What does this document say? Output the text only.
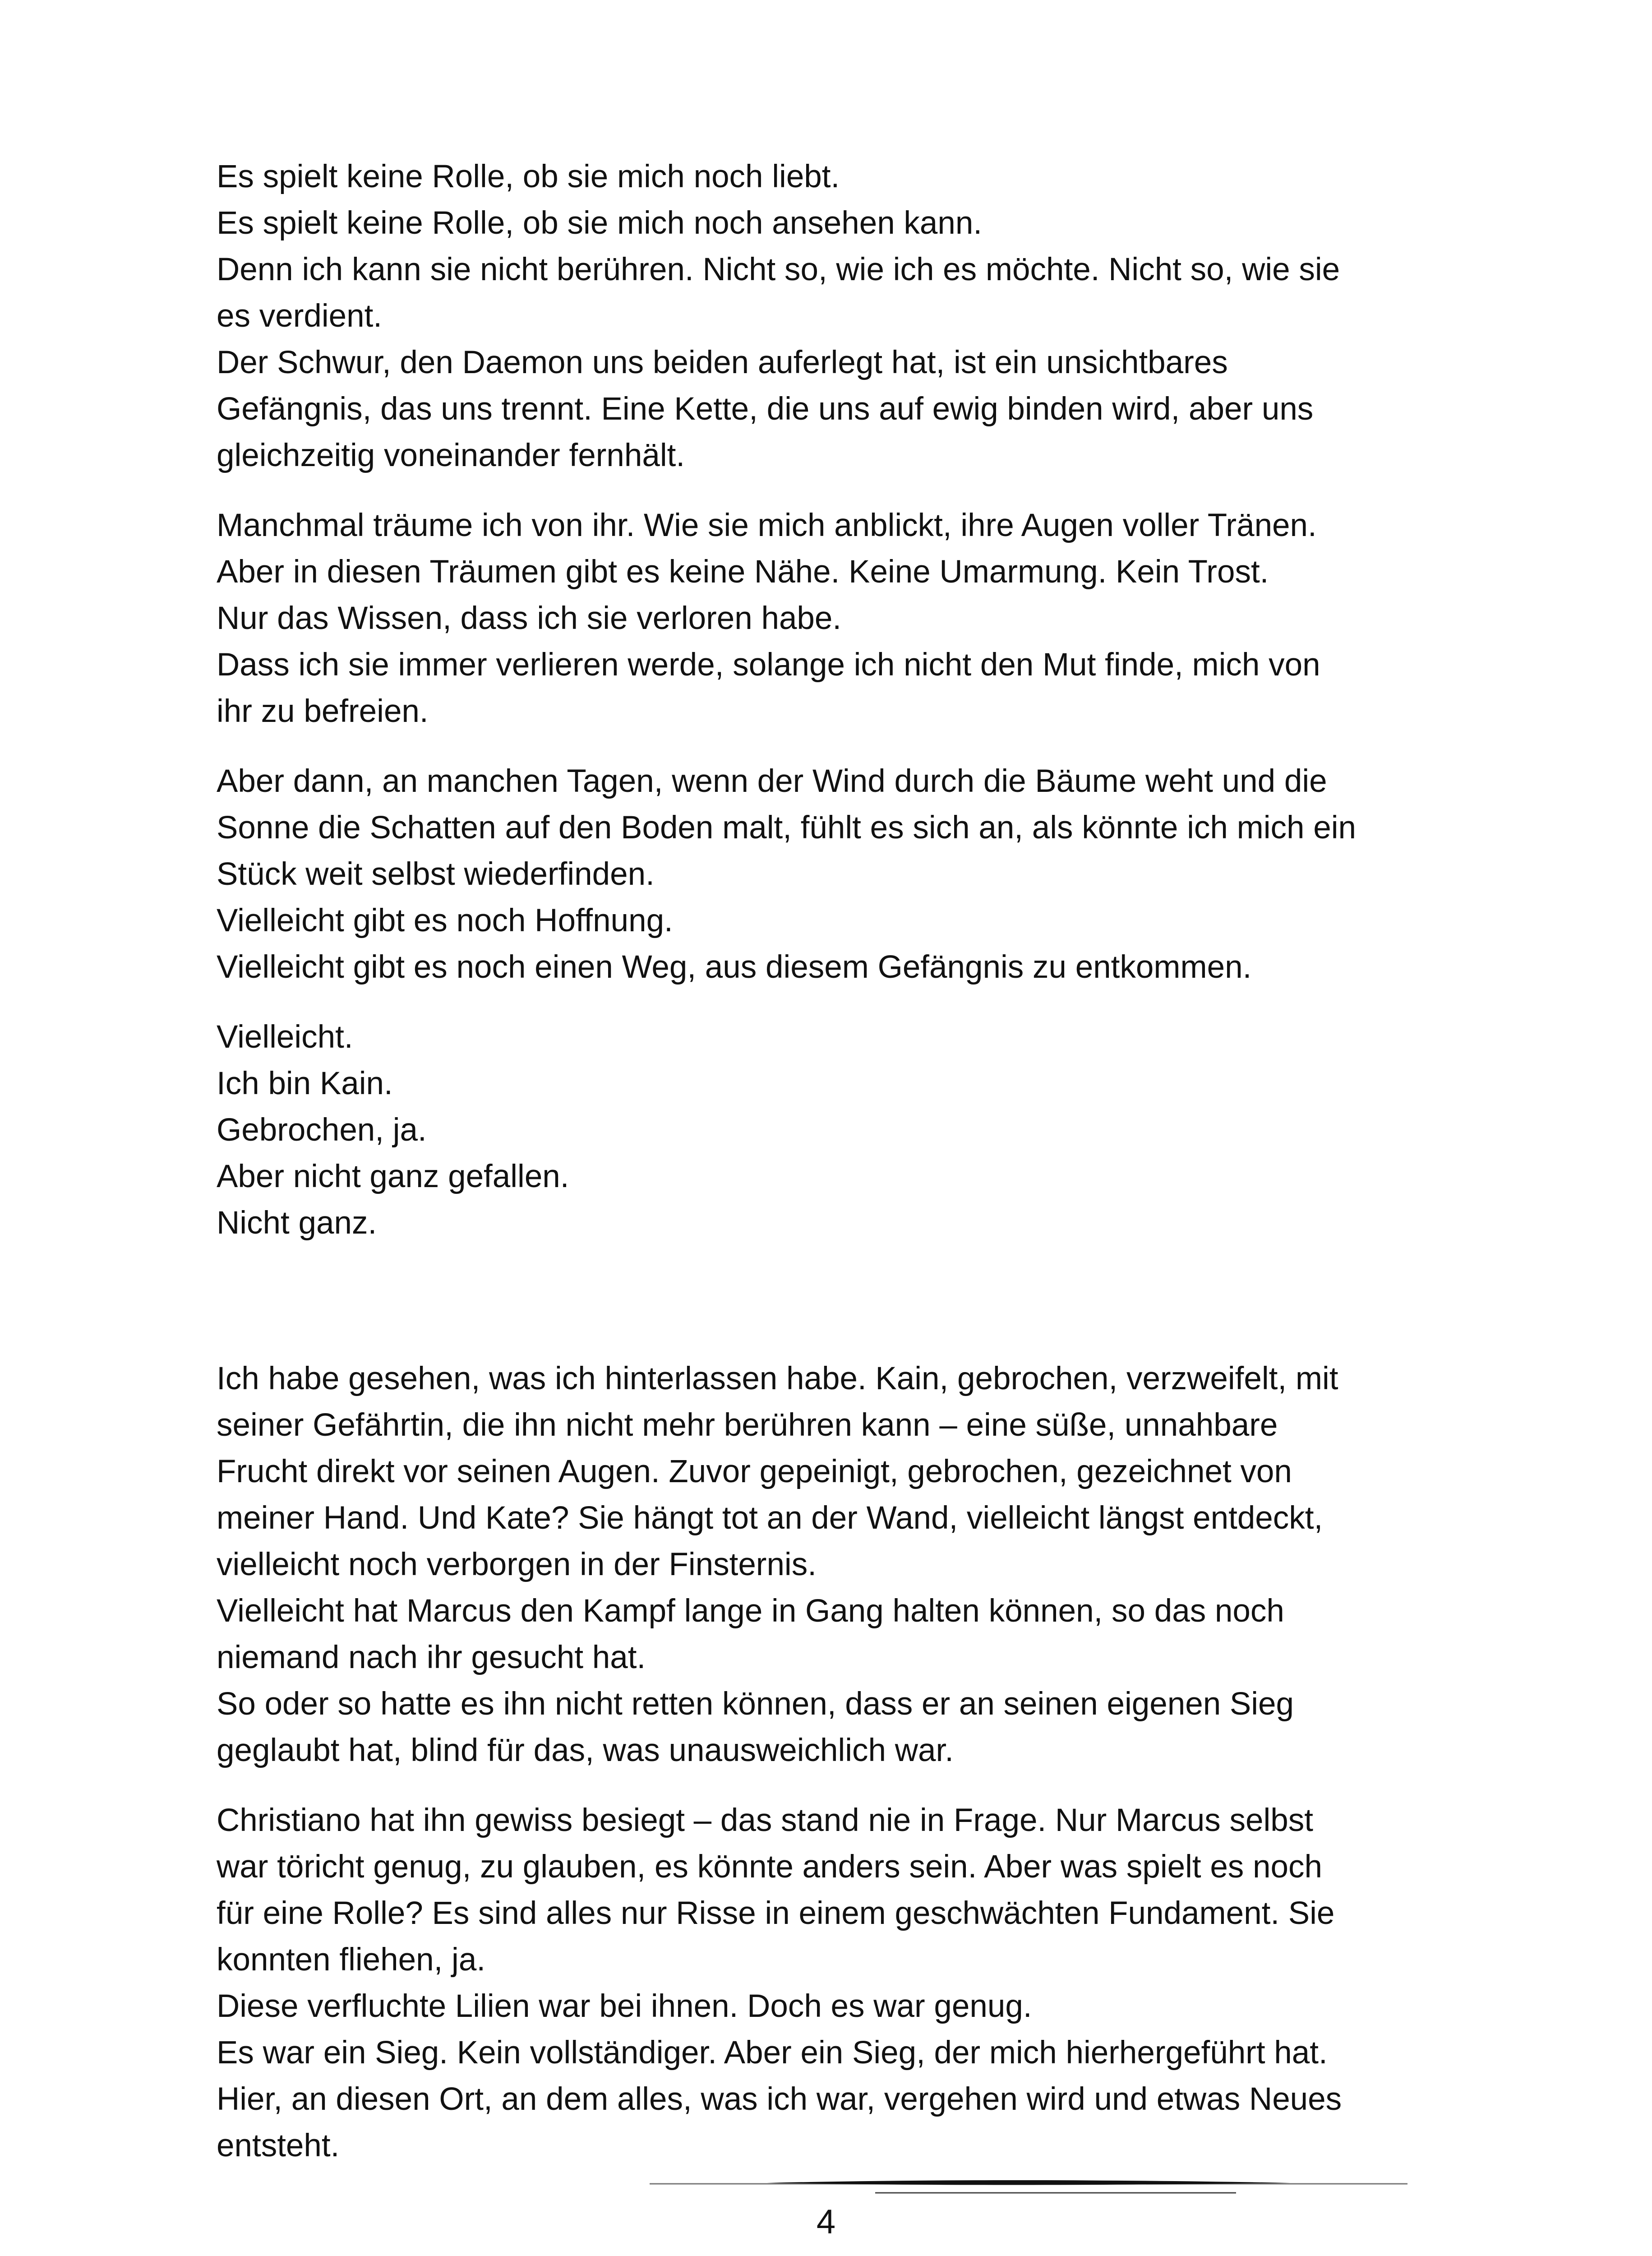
Es spielt keine Rolle, ob sie mich noch liebt.
Es spielt keine Rolle, ob sie mich noch ansehen kann.
Denn ich kann sie nicht berühren. Nicht so, wie ich es möchte. Nicht so, wie sie
es verdient.
Der Schwur, den Daemon uns beiden auferlegt hat, ist ein unsichtbares
Gefängnis, das uns trennt. Eine Kette, die uns auf ewig binden wird, aber uns
gleichzeitig voneinander fernhält.
Manchmal träume ich von ihr. Wie sie mich anblickt, ihre Augen voller Tränen.
Aber in diesen Träumen gibt es keine Nähe. Keine Umarmung. Kein Trost.
Nur das Wissen, dass ich sie verloren habe.
Dass ich sie immer verlieren werde, solange ich nicht den Mut finde, mich von
ihr zu befreien.
Aber dann, an manchen Tagen, wenn der Wind durch die Bäume weht und die
Sonne die Schatten auf den Boden malt, fühlt es sich an, als könnte ich mich ein
Stück weit selbst wiederfinden.
Vielleicht gibt es noch Hoffnung.
Vielleicht gibt es noch einen Weg, aus diesem Gefängnis zu entkommen.
Vielleicht.
Ich bin Kain.
Gebrochen, ja.
Aber nicht ganz gefallen.
Nicht ganz.
Ich habe gesehen, was ich hinterlassen habe. Kain, gebrochen, verzweifelt, mit
seiner Gefährtin, die ihn nicht mehr berühren kann – eine süße, unnahbare
Frucht direkt vor seinen Augen. Zuvor gepeinigt, gebrochen, gezeichnet von
meiner Hand. Und Kate? Sie hängt tot an der Wand, vielleicht längst entdeckt,
vielleicht noch verborgen in der Finsternis.
Vielleicht hat Marcus den Kampf lange in Gang halten können, so das noch
niemand nach ihr gesucht hat.
So oder so hatte es ihn nicht retten können, dass er an seinen eigenen Sieg
geglaubt hat, blind für das, was unausweichlich war.
Christiano hat ihn gewiss besiegt – das stand nie in Frage. Nur Marcus selbst
war töricht genug, zu glauben, es könnte anders sein. Aber was spielt es noch
für eine Rolle? Es sind alles nur Risse in einem geschwächten Fundament. Sie
konnten fliehen, ja.
Diese verfluchte Lilien war bei ihnen. Doch es war genug.
Es war ein Sieg. Kein vollständiger. Aber ein Sieg, der mich hierhergeführt hat.
Hier, an diesen Ort, an dem alles, was ich war, vergehen wird und etwas Neues
entsteht.
4
